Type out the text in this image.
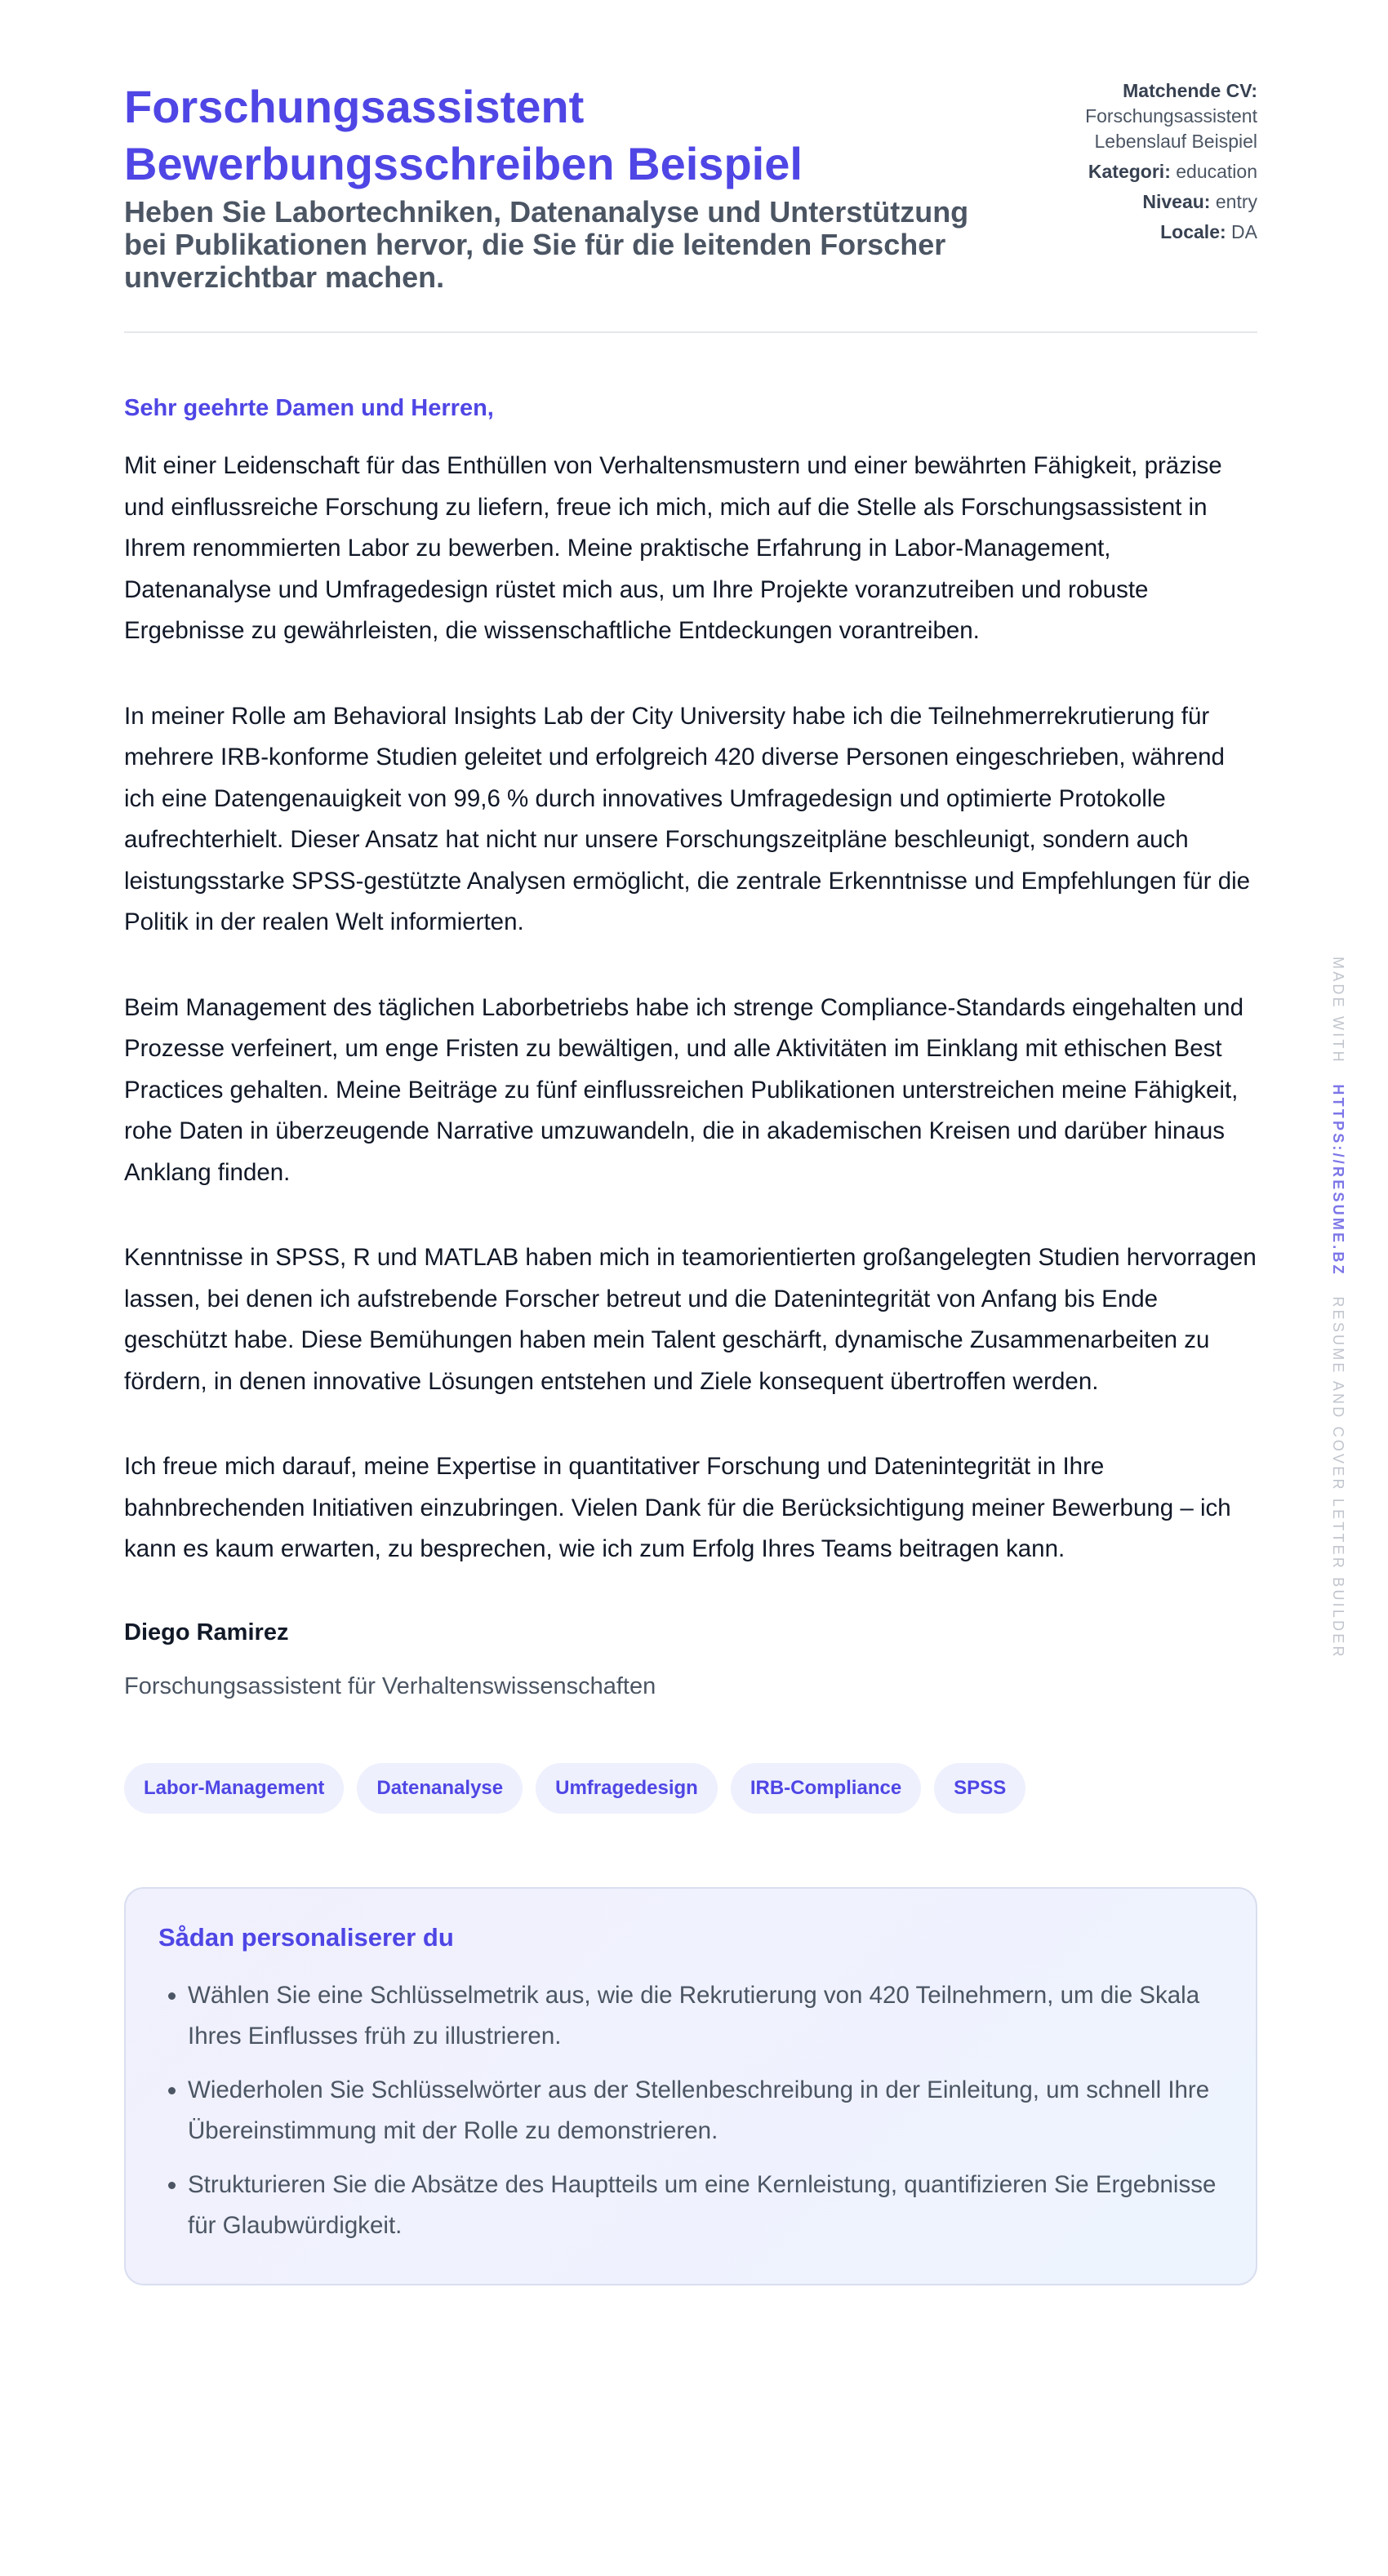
Forschungsassistent
Bewerbungsschreiben Beispiel

Heben Sie Labortechniken, Datenanalyse und Unterstützung bei Publikationen hervor, die Sie für die leitenden Forscher unverzichtbar machen.

Matchende CV:
Forschungsassistent Lebenslauf Beispiel
Kategori: education
Niveau: entry
Locale: DA

Sehr geehrte Damen und Herren,

Mit einer Leidenschaft für das Enthüllen von Verhaltensmustern und einer bewährten Fähigkeit, präzise und einflussreiche Forschung zu liefern, freue ich mich, mich auf die Stelle als Forschungsassistent in Ihrem renommierten Labor zu bewerben. Meine praktische Erfahrung in Labor-Management, Datenanalyse und Umfragedesign rüstet mich aus, um Ihre Projekte voranzutreiben und robuste Ergebnisse zu gewährleisten, die wissenschaftliche Entdeckungen vorantreiben.

In meiner Rolle am Behavioral Insights Lab der City University habe ich die Teilnehmerrekrutierung für mehrere IRB-konforme Studien geleitet und erfolgreich 420 diverse Personen eingeschrieben, während ich eine Datengenauigkeit von 99,6 % durch innovatives Umfragedesign und optimierte Protokolle aufrechterhielt. Dieser Ansatz hat nicht nur unsere Forschungszeitpläne beschleunigt, sondern auch leistungsstarke SPSS-gestützte Analysen ermöglicht, die zentrale Erkenntnisse und Empfehlungen für die Politik in der realen Welt informierten.

Beim Management des täglichen Laborbetriebs habe ich strenge Compliance-Standards eingehalten und Prozesse verfeinert, um enge Fristen zu bewältigen, und alle Aktivitäten im Einklang mit ethischen Best Practices gehalten. Meine Beiträge zu fünf einflussreichen Publikationen unterstreichen meine Fähigkeit, rohe Daten in überzeugende Narrative umzuwandeln, die in akademischen Kreisen und darüber hinaus Anklang finden.

Kenntnisse in SPSS, R und MATLAB haben mich in teamorientierten großangelegten Studien hervorragen lassen, bei denen ich aufstrebende Forscher betreut und die Datenintegrität von Anfang bis Ende geschützt habe. Diese Bemühungen haben mein Talent geschärft, dynamische Zusammenarbeiten zu fördern, in denen innovative Lösungen entstehen und Ziele konsequent übertroffen werden.

Ich freue mich darauf, meine Expertise in quantitativer Forschung und Datenintegrität in Ihre bahnbrechenden Initiativen einzubringen. Vielen Dank für die Berücksichtigung meiner Bewerbung – ich kann es kaum erwarten, zu besprechen, wie ich zum Erfolg Ihres Teams beitragen kann.

Diego Ramirez
Forschungsassistent für Verhaltenswissenschaften
Labor-Management	Datenanalyse	Umfragedesign	IRB-Compliance	SPSS

Sådan personaliserer du

• Wählen Sie eine Schlüsselmetrik aus, wie die Rekrutierung von 420 Teilnehmern, um die Skala Ihres Einflusses früh zu illustrieren.
• Wiederholen Sie Schlüsselwörter aus der Stellenbeschreibung in der Einleitung, um schnell Ihre Übereinstimmung mit der Rolle zu demonstrieren.
• Strukturieren Sie die Absätze des Hauptteils um eine Kernleistung, quantifizieren Sie Ergebnisse für Glaubwürdigkeit.
MADE WITH   HTTPS://RESUME.BZ   RESUME AND COVER LETTER BUILDER
